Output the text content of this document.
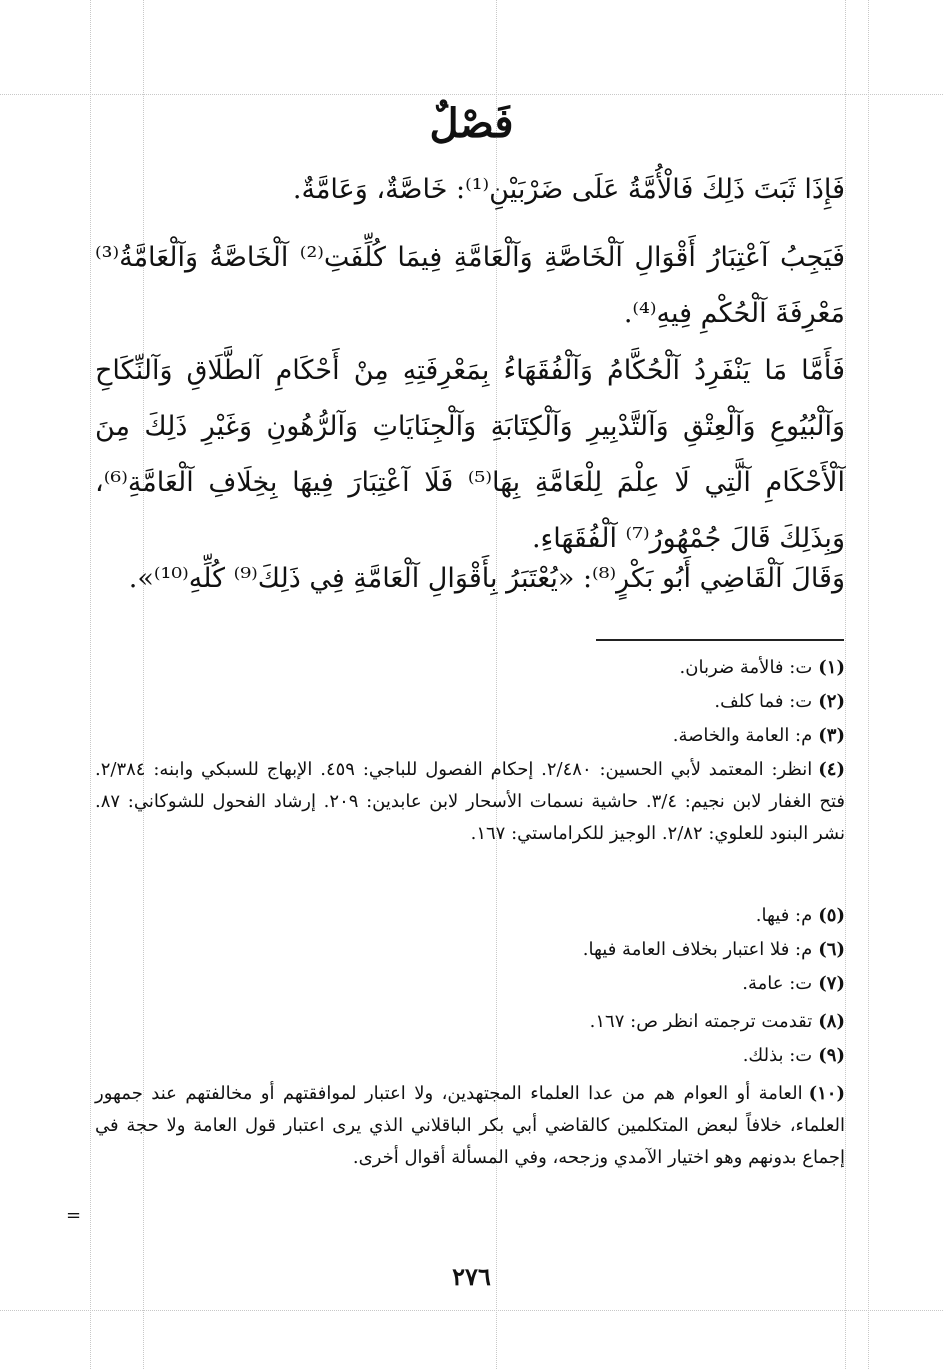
فَصْلٌ

فَإِذَا ثَبَتَ ذَلِكَ فَالْأُمَّةُ عَلَى ضَرْبَيْنِ⁽¹⁾: خَاصَّةٌ، وَعَامَّةٌ.

فَيَجِبُ آعْتِبَارُ أَقْوَالِ آلْخَاصَّةِ وَآلْعَامَّةِ فِيمَا كُلِّفَتِ⁽²⁾ آلْخَاصَّةُ وَآلْعَامَّةُ⁽³⁾ مَعْرِفَةَ آلْحُكْمِ فِيهِ⁽⁴⁾.

فَأَمَّا مَا يَنْفَرِدُ آلْحُكَّامُ وَآلْفُقَهَاءُ بِمَعْرِفَتِهِ مِنْ أَحْكَامِ آلطَّلَاقِ وَآلنِّكَاحِ وَآلْبُيُوعِ وَآلْعِتْقِ وَآلتَّدْبِيرِ وَآلْكِتَابَةِ وَآلْجِنَايَاتِ وَآلرُّهُونِ وَغَيْرِ ذَلِكَ مِنَ آلْأَحْكَامِ آلَّتِي لَا عِلْمَ لِلْعَامَّةِ بِهَا⁽⁵⁾ فَلَا آعْتِبَارَ فِيهَا بِخِلَافِ آلْعَامَّةِ⁽⁶⁾، وَبِذَلِكَ قَالَ جُمْهُورُ⁽⁷⁾ آلْفُقَهَاءِ.

وَقَالَ آلْقَاضِي أَبُو بَكْرٍ⁽⁸⁾: «يُعْتَبَرُ بِأَقْوَالِ آلْعَامَّةِ فِي ذَلِكَ⁽⁹⁾ كُلِّهِ⁽¹⁰⁾».

(١)ت: فالأمة ضربان.

(٢)ت: فما كلف.

(٣)م: العامة والخاصة.

(٤)انظر: المعتمد لأبي الحسين: ٢/٤٨٠. إحكام الفصول للباجي: ٤٥٩. الإبهاج للسبكي وابنه: ٢/٣٨٤. فتح الغفار لابن نجيم: ٣/٤. حاشية نسمات الأسحار لابن عابدين: ٢٠٩. إرشاد الفحول للشوكاني: ٨٧. نشر البنود للعلوي: ٢/٨٢. الوجيز للكراماستي: ١٦٧.

(٥)م: فيها.

(٦)م: فلا اعتبار بخلاف العامة فيها.

(٧)ت: عامة.

(٨)تقدمت ترجمته انظر ص: ١٦٧.

(٩)ت: بذلك.

(١٠)العامة أو العوام هم من عدا العلماء المجتهدين، ولا اعتبار لموافقتهم أو مخالفتهم عند جمهور العلماء، خلافاً لبعض المتكلمين كالقاضي أبي بكر الباقلاني الذي يرى اعتبار قول العامة ولا حجة في إجماع بدونهم وهو اختيار الآمدي وزجحه، وفي المسألة أقوال أخرى.

=
٢٧٦
